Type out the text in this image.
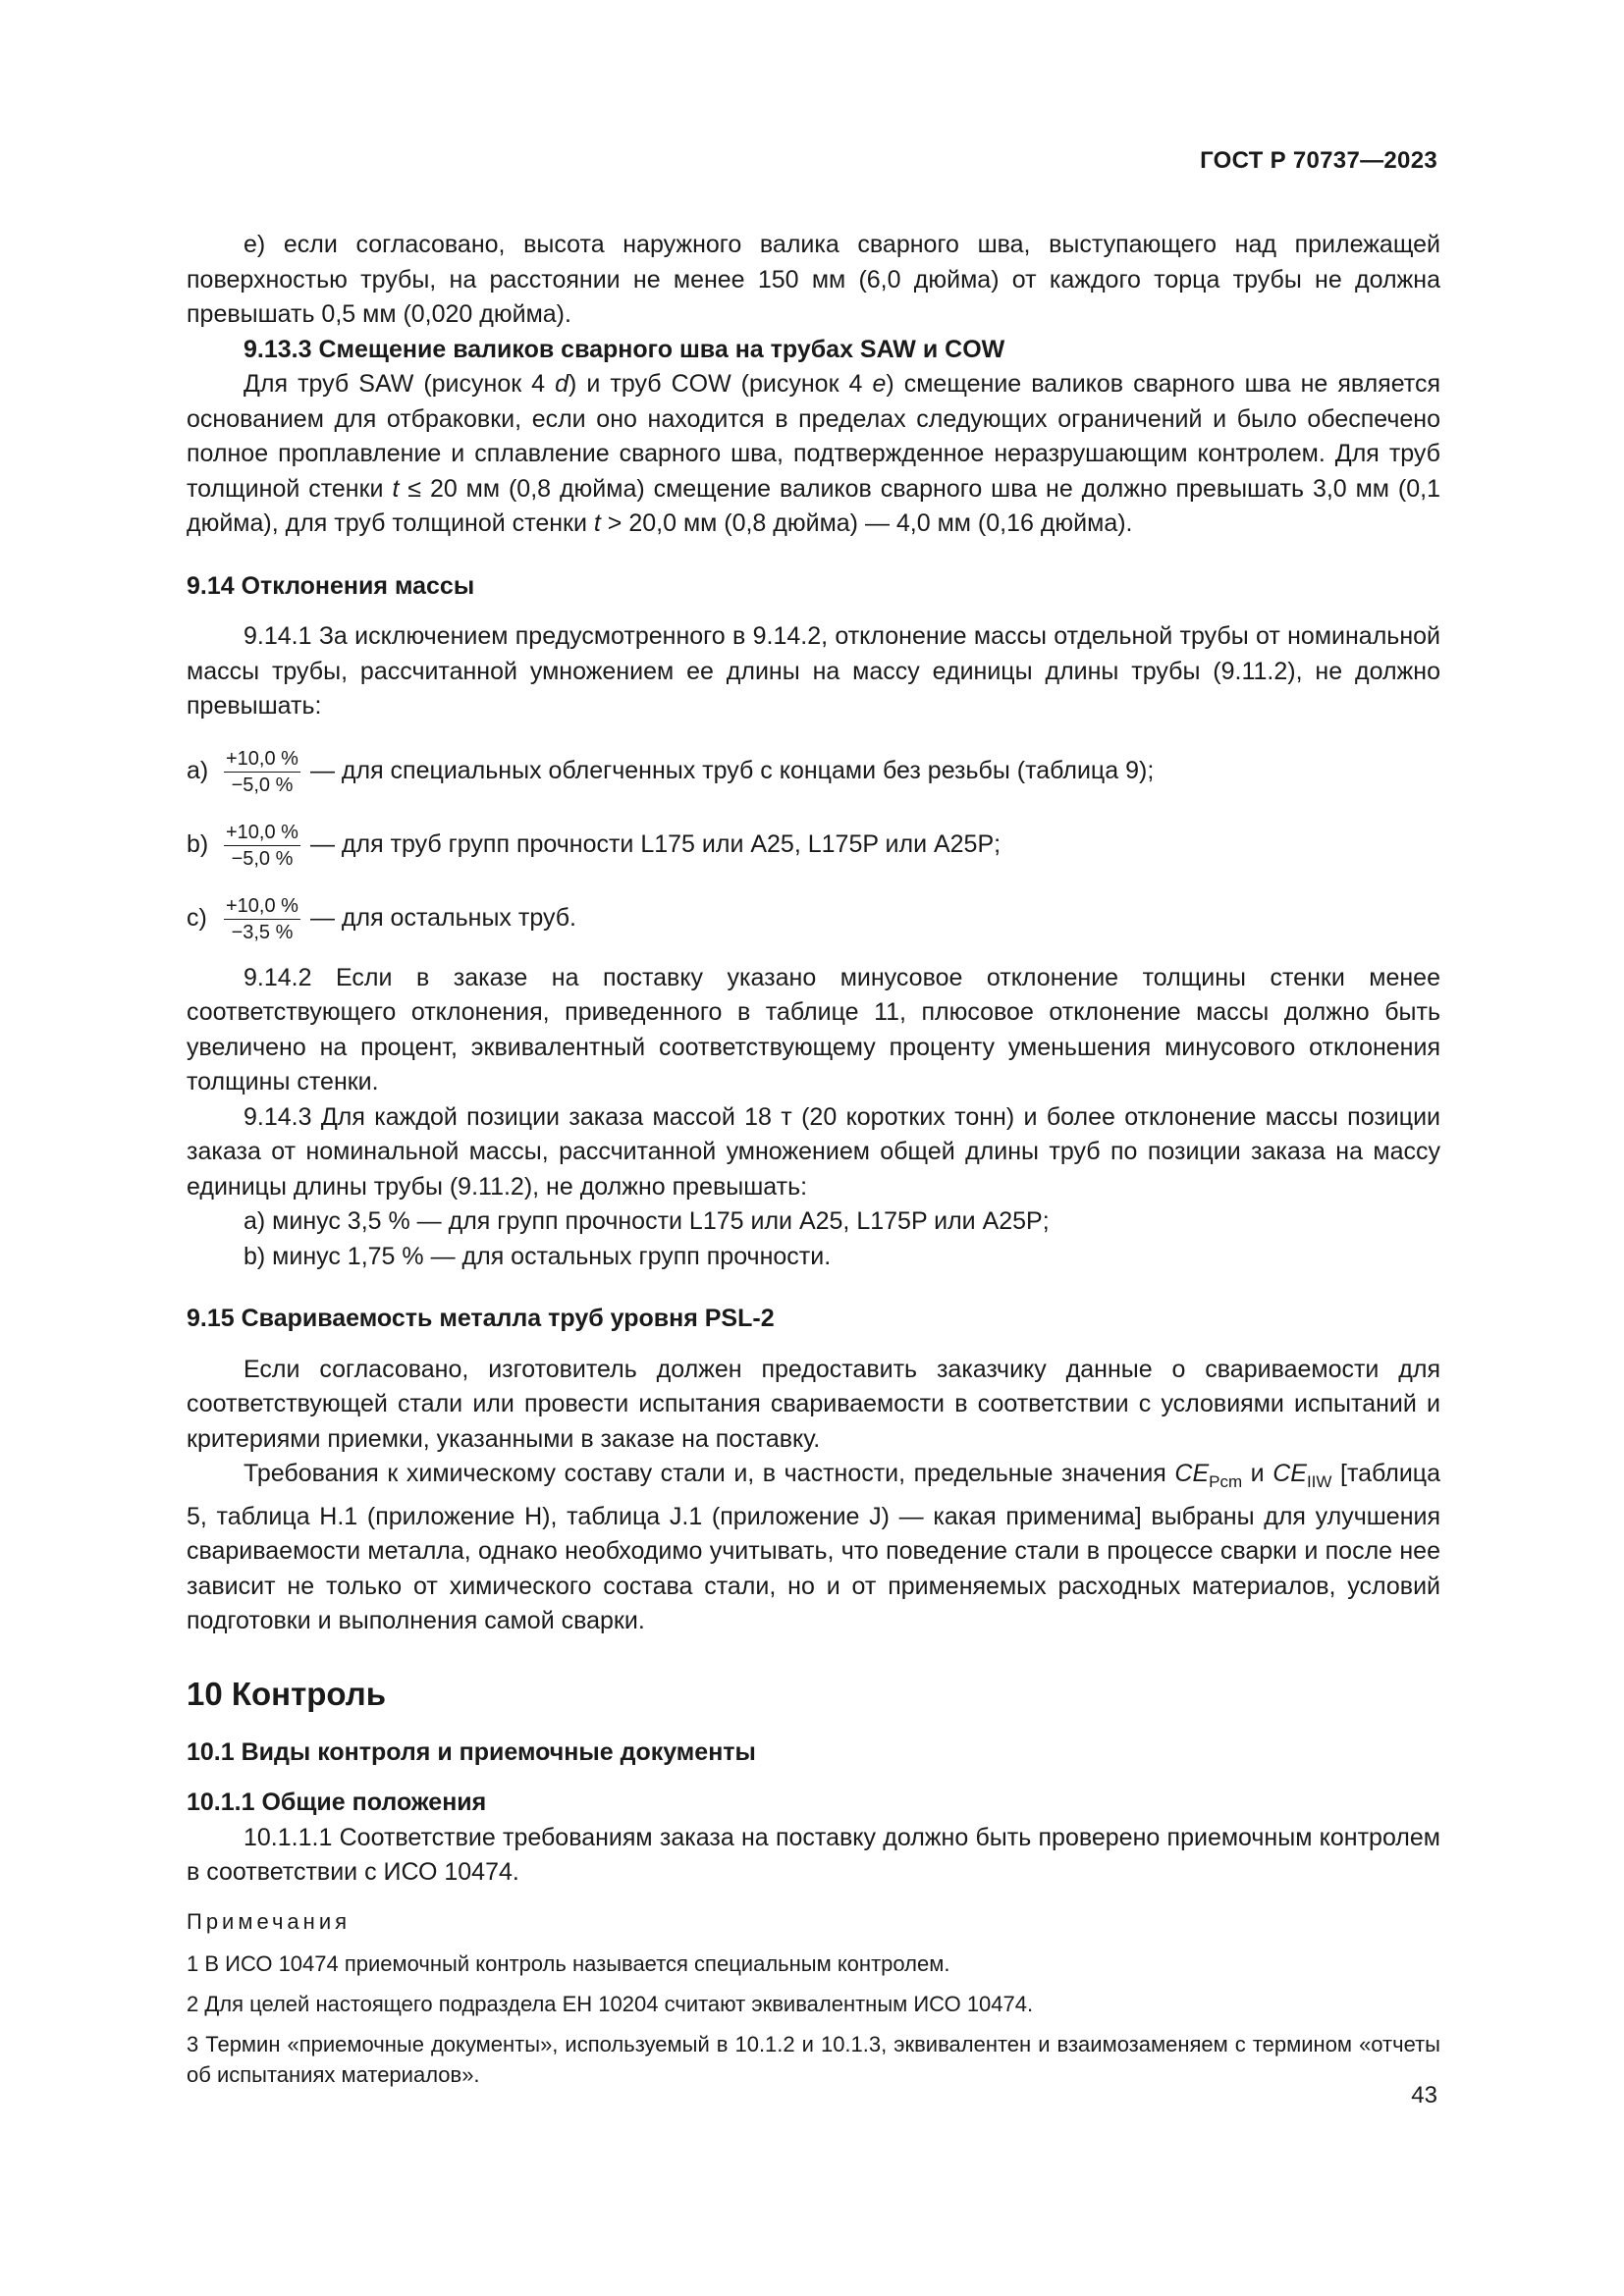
ГОСТ Р 70737—2023

е) если согласовано, высота наружного валика сварного шва, выступающего над прилежащей поверхностью трубы, на расстоянии не менее 150 мм (6,0 дюйма) от каждого торца трубы не должна превышать 0,5 мм (0,020 дюйма).

9.13.3 Смещение валиков сварного шва на трубах SAW и COW

Для труб SAW (рисунок 4 d) и труб COW (рисунок 4 e) смещение валиков сварного шва не является основанием для отбраковки, если оно находится в пределах следующих ограничений и было обеспечено полное проплавление и сплавление сварного шва, подтвержденное неразрушающим контролем. Для труб толщиной стенки t ≤ 20 мм (0,8 дюйма) смещение валиков сварного шва не должно превышать 3,0 мм (0,1 дюйма), для труб толщиной стенки t > 20,0 мм (0,8 дюйма) — 4,0 мм (0,16 дюйма).

9.14 Отклонения массы

9.14.1 За исключением предусмотренного в 9.14.2, отклонение массы отдельной трубы от номинальной массы трубы, рассчитанной умножением ее длины на массу единицы длины трубы (9.11.2), не должно превышать:

$a) \frac{+10,0 \%}{-5,0 \%}$ — для специальных облегченных труб с концами без резьбы (таблица 9);
$b) \frac{+10,0 \%}{-5,0 \%}$ — для труб групп прочности L175 или A25, L175P или A25P;
$c) \frac{+10,0 \%}{-3,5 \%}$ — для остальных труб.

9.14.2 Если в заказе на поставку указано минусовое отклонение толщины стенки менее соответствующего отклонения, приведенного в таблице 11, плюсовое отклонение массы должно быть увеличено на процент, эквивалентный соответствующему проценту уменьшения минусового отклонения толщины стенки.

9.14.3 Для каждой позиции заказа массой 18 т (20 коротких тонн) и более отклонение массы позиции заказа от номинальной массы, рассчитанной умножением общей длины труб по позиции заказа на массу единицы длины трубы (9.11.2), не должно превышать:

а) минус 3,5 % — для групп прочности L175 или A25, L175P или A25P;

b) минус 1,75 % — для остальных групп прочности.

9.15 Свариваемость металла труб уровня PSL-2

Если согласовано, изготовитель должен предоставить заказчику данные о свариваемости для соответствующей стали или провести испытания свариваемости в соответствии с условиями испытаний и критериями приемки, указанными в заказе на поставку.

Требования к химическому составу стали и, в частности, предельные значения $CE_{Pcm}$ и $CE_{IIW}$ [таблица 5, таблица Н.1 (приложение Н), таблица J.1 (приложение J) — какая применима] выбраны для улучшения свариваемости металла, однако необходимо учитывать, что поведение стали в процессе сварки и после нее зависит не только от химического состава стали, но и от применяемых расходных материалов, условий подготовки и выполнения самой сварки.

10 Контроль
10.1 Виды контроля и приемочные документы
10.1.1 Общие положения

10.1.1.1 Соответствие требованиям заказа на поставку должно быть проверено приемочным контролем в соответствии с ИСО 10474.

Примечания

1 В ИСО 10474 приемочный контроль называется специальным контролем.

2 Для целей настоящего подраздела ЕН 10204 считают эквивалентным ИСО 10474.

3 Термин «приемочные документы», используемый в 10.1.2 и 10.1.3, эквивалентен и взаимозаменяем с термином «отчеты об испытаниях материалов».

43
